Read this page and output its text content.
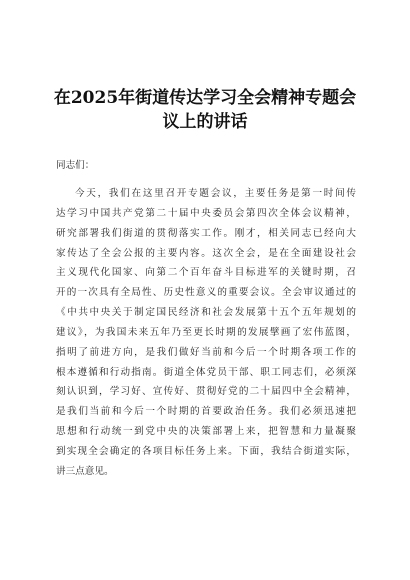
在2025年街道传达学习全会精神专题会
议上的讲话

同志们：

今天，我们在这里召开专题会议，主要任务是第一时间传
达学习中国共产党第二十届中央委员会第四次全体会议精神，
研究部署我们街道的贯彻落实工作。刚才，相关同志已经向大
家传达了全会公报的主要内容。这次全会，是在全面建设社会
主义现代化国家、向第二个百年奋斗目标进军的关键时期，召
开的一次具有全局性、历史性意义的重要会议。全会审议通过的
《中共中央关于制定国民经济和社会发展第十五个五年规划的
建议》，为我国未来五年乃至更长时期的发展擘画了宏伟蓝图，
指明了前进方向，是我们做好当前和今后一个时期各项工作的
根本遵循和行动指南。街道全体党员干部、职工同志们，必须深
刻认识到，学习好、宣传好、贯彻好党的二十届四中全会精神，
是我们当前和今后一个时期的首要政治任务。我们必须迅速把
思想和行动统一到党中央的决策部署上来，把智慧和力量凝聚
到实现全会确定的各项目标任务上来。下面，我结合街道实际，
讲三点意见。
